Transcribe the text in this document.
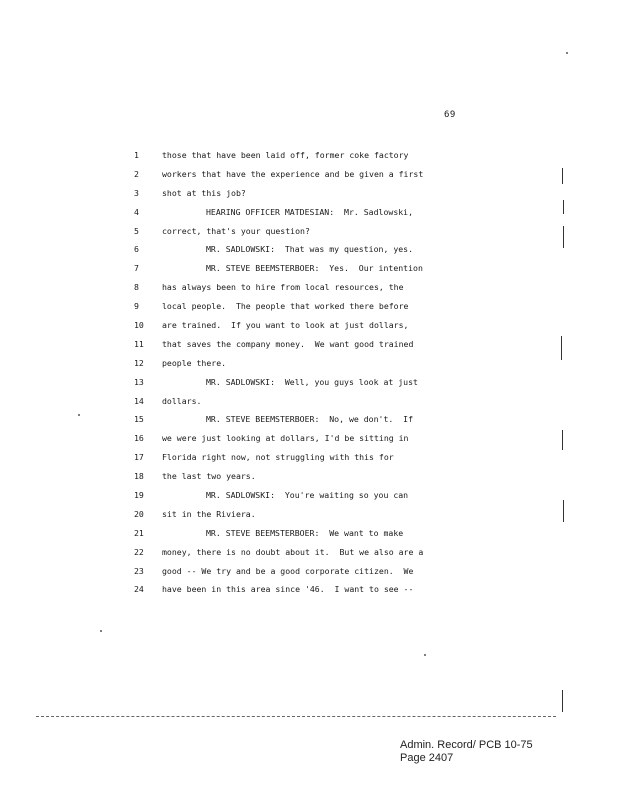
69
1	those that have been laid off, former coke factory
2	workers that have the experience and be given a first
3	shot at this job?
4	HEARING OFFICER MATDESIAN:  Mr. Sadlowski,
5	correct, that's your question?
6	MR. SADLOWSKI:  That was my question, yes.
7	MR. STEVE BEEMSTERBOER:  Yes.  Our intention
8	has always been to hire from local resources, the
9	local people.  The people that worked there before
10	are trained.  If you want to look at just dollars,
11	that saves the company money.  We want good trained
12	people there.
13	MR. SADLOWSKI:  Well, you guys look at just
14	dollars.
15	MR. STEVE BEEMSTERBOER:  No, we don't.  If
16	we were just looking at dollars, I'd be sitting in
17	Florida right now, not struggling with this for
18	the last two years.
19	MR. SADLOWSKI:  You're waiting so you can
20	sit in the Riviera.
21	MR. STEVE BEEMSTERBOER:  We want to make
22	money, there is no doubt about it.  But we also are a
23	good -- We try and be a good corporate citizen.  We
24	have been in this area since '46.  I want to see --
Admin. Record/ PCB 10-75
Page 2407
